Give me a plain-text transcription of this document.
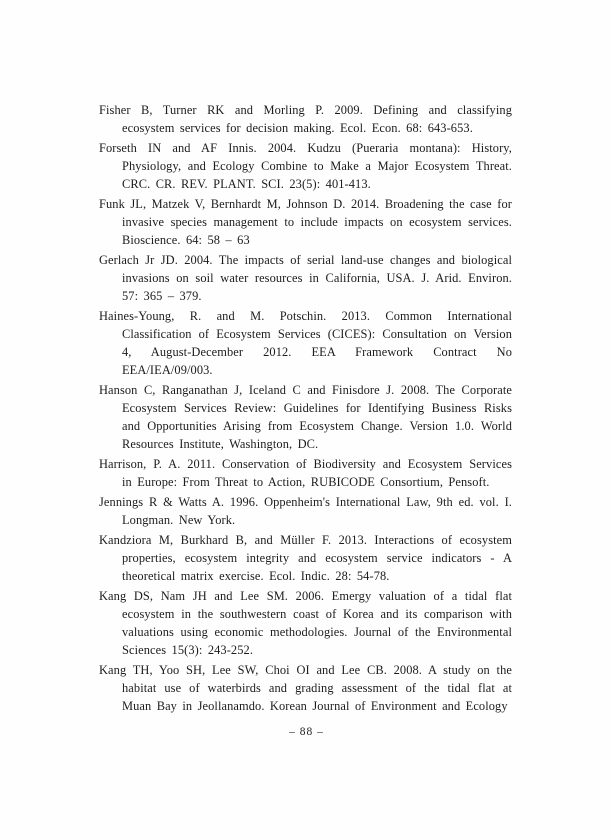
Fisher B, Turner RK and Morling P. 2009. Defining and classifying ecosystem services for decision making. Ecol. Econ. 68: 643-653.

Forseth IN and AF Innis. 2004. Kudzu (Pueraria montana): History, Physiology, and Ecology Combine to Make a Major Ecosystem Threat. CRC. CR. REV. PLANT. SCI. 23(5): 401-413.

Funk JL, Matzek V, Bernhardt M, Johnson D. 2014. Broadening the case for invasive species management to include impacts on ecosystem services. Bioscience. 64: 58 – 63

Gerlach Jr JD. 2004. The impacts of serial land-use changes and biological invasions on soil water resources in California, USA. J. Arid. Environ. 57: 365 – 379.

Haines-Young, R. and M. Potschin. 2013. Common International Classification of Ecosystem Services (CICES): Consultation on Version 4, August-December 2012. EEA Framework Contract No EEA/IEA/09/003.

Hanson C, Ranganathan J, Iceland C and Finisdore J. 2008. The Corporate Ecosystem Services Review: Guidelines for Identifying Business Risks and Opportunities Arising from Ecosystem Change. Version 1.0. World Resources Institute, Washington, DC.

Harrison, P. A. 2011. Conservation of Biodiversity and Ecosystem Services in Europe: From Threat to Action, RUBICODE Consortium, Pensoft.

Jennings R & Watts A. 1996. Oppenheim's International Law, 9th ed. vol. I. Longman. New York.

Kandziora M, Burkhard B, and Müller F. 2013. Interactions of ecosystem properties, ecosystem integrity and ecosystem service indicators - A theoretical matrix exercise. Ecol. Indic. 28: 54-78.

Kang DS, Nam JH and Lee SM. 2006. Emergy valuation of a tidal flat ecosystem in the southwestern coast of Korea and its comparison with valuations using economic methodologies. Journal of the Environmental Sciences 15(3): 243-252.

Kang TH, Yoo SH, Lee SW, Choi OI and Lee CB. 2008. A study on the habitat use of waterbirds and grading assessment of the tidal flat at Muan Bay in Jeollanamdo. Korean Journal of Environment and Ecology

– 88 –
